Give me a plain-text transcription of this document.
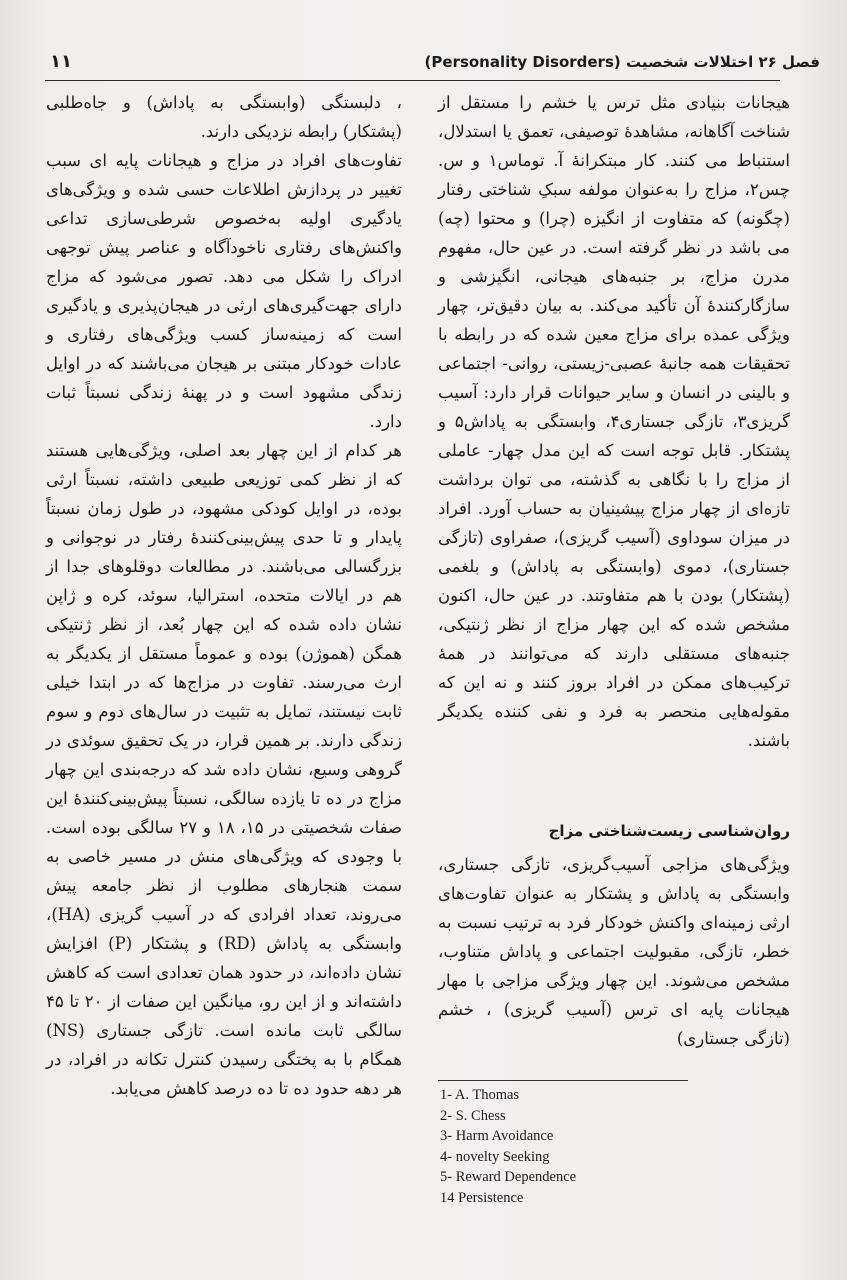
فصل ۲۶ اختلالات شخصیت (Personality Disorders)
۱۱

هیجانات بنیادی مثل ترس یا خشم را مستقل از شناخت آگاهانه، مشاهدهٔ توصیفی، تعمق یا استدلال، استنباط می کنند. کار مبتکرانهٔ آ. توماس۱ و س. چس۲، مزاج را به‌عنوان مولفه سبکِ شناختی رفتار (چگونه) که متفاوت از انگیزه (چرا) و محتوا (چه) می باشد در نظر گرفته است. در عین حال، مفهوم مدرن مزاج، بر جنبه‌های هیجانی، انگیزشی و سازگارکنندهٔ آن تأکید می‌کند. به بیان دقیق‌تر، چهار ویژگی عمده برای مزاج معین شده که در رابطه با تحقیقات همه جانبهٔ عصبی-زیستی، روانی- اجتماعی و بالینی در انسان و سایر حیوانات قرار دارد: آسیب گریزی۳، تازگی جستاری۴، وابستگی به پاداش۵ و پشتکار. قابل توجه است که این مدل چهار- عاملی از مزاج را با نگاهی به گذشته، می توان برداشت تازه‌ای از چهار مزاج پیشینیان به حساب آورد. افراد در میزان سوداوی (آسیب گریزی)، صفراوی (تازگی جستاری)، دموی (وابستگی به پاداش) و بلغمی (پشتکار) بودن با هم متفاوتند. در عین حال، اکنون مشخص شده که این چهار مزاج از نظر ژنتیکی، جنبه‌های مستقلی دارند که می‌توانند در همهٔ ترکیب‌های ممکن در افراد بروز کنند و نه این که مقوله‌هایی منحصر به فرد و نفی کننده یکدیگر باشند.

روان‌شناسی زیست‌شناختی مزاج

ویژگی‌های مزاجی آسیب‌گریزی، تازگی جستاری، وابستگی به پاداش و پشتکار به عنوان تفاوت‌های ارثی زمینه‌ای واکنش خودکار فرد به ترتیب نسبت به خطر، تازگی، مقبولیت اجتماعی و پاداش متناوب، مشخص می‌شوند. این چهار ویژگی مزاجی با مهار هیجانات پایه ای ترس (آسیب گریزی) ، خشم (تازگی جستاری)

، دلبستگی (وابستگی به پاداش) و جاه‌طلبی (پشتکار) رابطه نزدیکی دارند.

تفاوت‌های افراد در مزاج و هیجانات پایه ای سبب تغییر در پردازش اطلاعات حسی شده و ویژگی‌های یادگیری اولیه به‌خصوص شرطی‌سازی تداعی واکنش‌های رفتاری ناخودآگاه و عناصر پیش توجهی ادراک را شکل می دهد. تصور می‌شود که مزاج دارای جهت‌گیری‌های ارثی در هیجان‌پذیری و یادگیری است که زمینه‌ساز کسب ویژگی‌های رفتاری و عادات خودکار مبتنی بر هیجان می‌باشند که در اوایل زندگی مشهود است و در پهنهٔ زندگی نسبتاً ثبات دارد.

هر کدام از این چهار بعد اصلی، ویژگی‌هایی هستند که از نظر کمی توزیعی طبیعی داشته، نسبتاً ارثی بوده، در اوایل کودکی مشهود، در طول زمان نسبتاً پایدار و تا حدی پیش‌بینی‌کنندهٔ رفتار در نوجوانی و بزرگسالی می‌باشند. در مطالعات دوقلوهای جدا از هم در ایالات متحده، استرالیا، سوئد، کره و ژاپن نشان داده شده که این چهار بُعد، از نظر ژنتیکی همگن (هموژن) بوده و عموماً مستقل از یکدیگر به ارث می‌رسند. تفاوت در مزاج‌ها که در ابتدا خیلی ثابت نیستند، تمایل به تثبیت در سال‌های دوم و سوم زندگی دارند. بر همین قرار، در یک تحقیق سوئدی در گروهی وسیع، نشان داده شد که درجه‌بندی این چهار مزاج در ده تا یازده سالگی، نسبتاً پیش‌بینی‌کنندهٔ این صفات شخصیتی در ۱۵، ۱۸ و ۲۷ سالگی بوده است. با وجودی که ویژگی‌های منش در مسیر خاصی به سمت هنجارهای مطلوب از نظر جامعه پیش می‌روند، تعداد افرادی که در آسیب گریزی (HA)، وابستگی به پاداش (RD) و پشتکار (P) افزایش نشان داده‌اند، در حدود همان تعدادی است که کاهش داشته‌اند و از این رو، میانگین این صفات از ۲۰ تا ۴۵ سالگی ثابت مانده است. تازگی جستاری (NS) همگام با به پختگی رسیدن کنترل تکانه در افراد، در هر دهه حدود ده تا ده درصد کاهش می‌یابد.	1- A. Thomas
2- S. Chess
3- Harm Avoidance
4- novelty Seeking
5- Reward Dependence
14 Persistence
